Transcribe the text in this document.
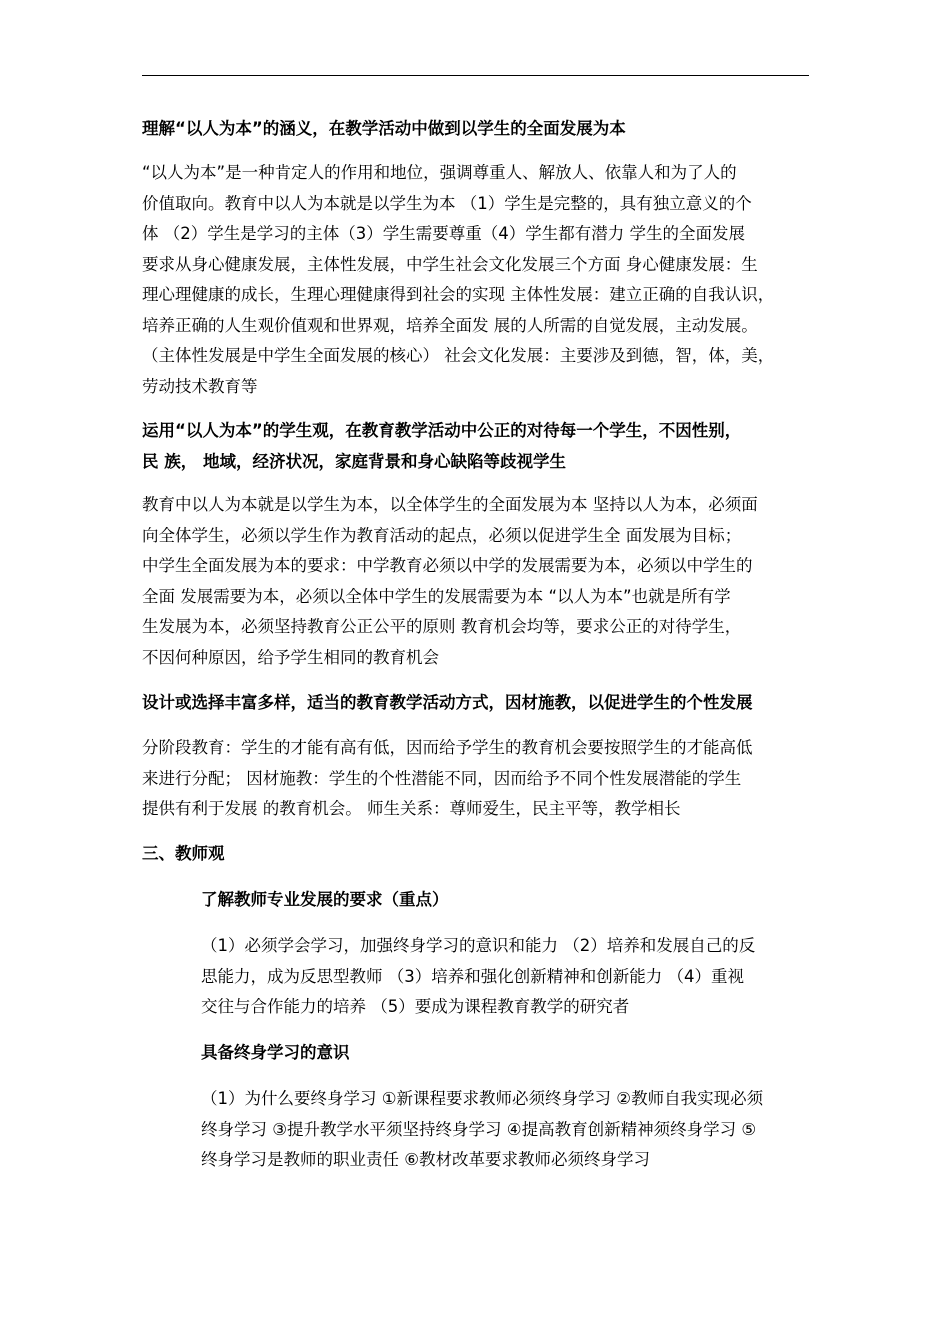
理解“以人为本”的涵义，在教学活动中做到以学生的全面发展为本
“以人为本”是一种肯定人的作用和地位，强调尊重人、解放人、依靠人和为了人的
价值取向。教育中以人为本就是以学生为本 （1）学生是完整的，具有独立意义的个
体 （2）学生是学习的主体（3）学生需要尊重（4）学生都有潜力 学生的全面发展
要求从身心健康发展，主体性发展，中学生社会文化发展三个方面 身心健康发展：生
理心理健康的成长，生理心理健康得到社会的实现 主体性发展：建立正确的自我认识，
培养正确的人生观价值观和世界观，培养全面发 展的人所需的自觉发展，主动发展。
（主体性发展是中学生全面发展的核心） 社会文化发展：主要涉及到德，智，体，美，
劳动技术教育等
运用“以人为本”的学生观，在教育教学活动中公正的对待每一个学生，不因性别，
民 族， 地域，经济状况，家庭背景和身心缺陷等歧视学生
教育中以人为本就是以学生为本，以全体学生的全面发展为本 坚持以人为本，必须面
向全体学生，必须以学生作为教育活动的起点，必须以促进学生全 面发展为目标；
中学生全面发展为本的要求：中学教育必须以中学的发展需要为本，必须以中学生的
全面 发展需要为本，必须以全体中学生的发展需要为本 “以人为本”也就是所有学
生发展为本，必须坚持教育公正公平的原则 教育机会均等，要求公正的对待学生，
不因何种原因，给予学生相同的教育机会
设计或选择丰富多样，适当的教育教学活动方式，因材施教，以促进学生的个性发展
分阶段教育：学生的才能有高有低，因而给予学生的教育机会要按照学生的才能高低
来进行分配； 因材施教：学生的个性潜能不同，因而给予不同个性发展潜能的学生
提供有利于发展 的教育机会。 师生关系：尊师爱生，民主平等，教学相长
三、教师观
了解教师专业发展的要求（重点）
（1）必须学会学习，加强终身学习的意识和能力 （2）培养和发展自己的反
思能力，成为反思型教师 （3）培养和强化创新精神和创新能力 （4）重视
交往与合作能力的培养 （5）要成为课程教育教学的研究者
具备终身学习的意识
（1）为什么要终身学习 ①新课程要求教师必须终身学习 ②教师自我实现必须
终身学习 ③提升教学水平须坚持终身学习 ④提高教育创新精神须终身学习 ⑤
终身学习是教师的职业责任 ⑥教材改革要求教师必须终身学习
